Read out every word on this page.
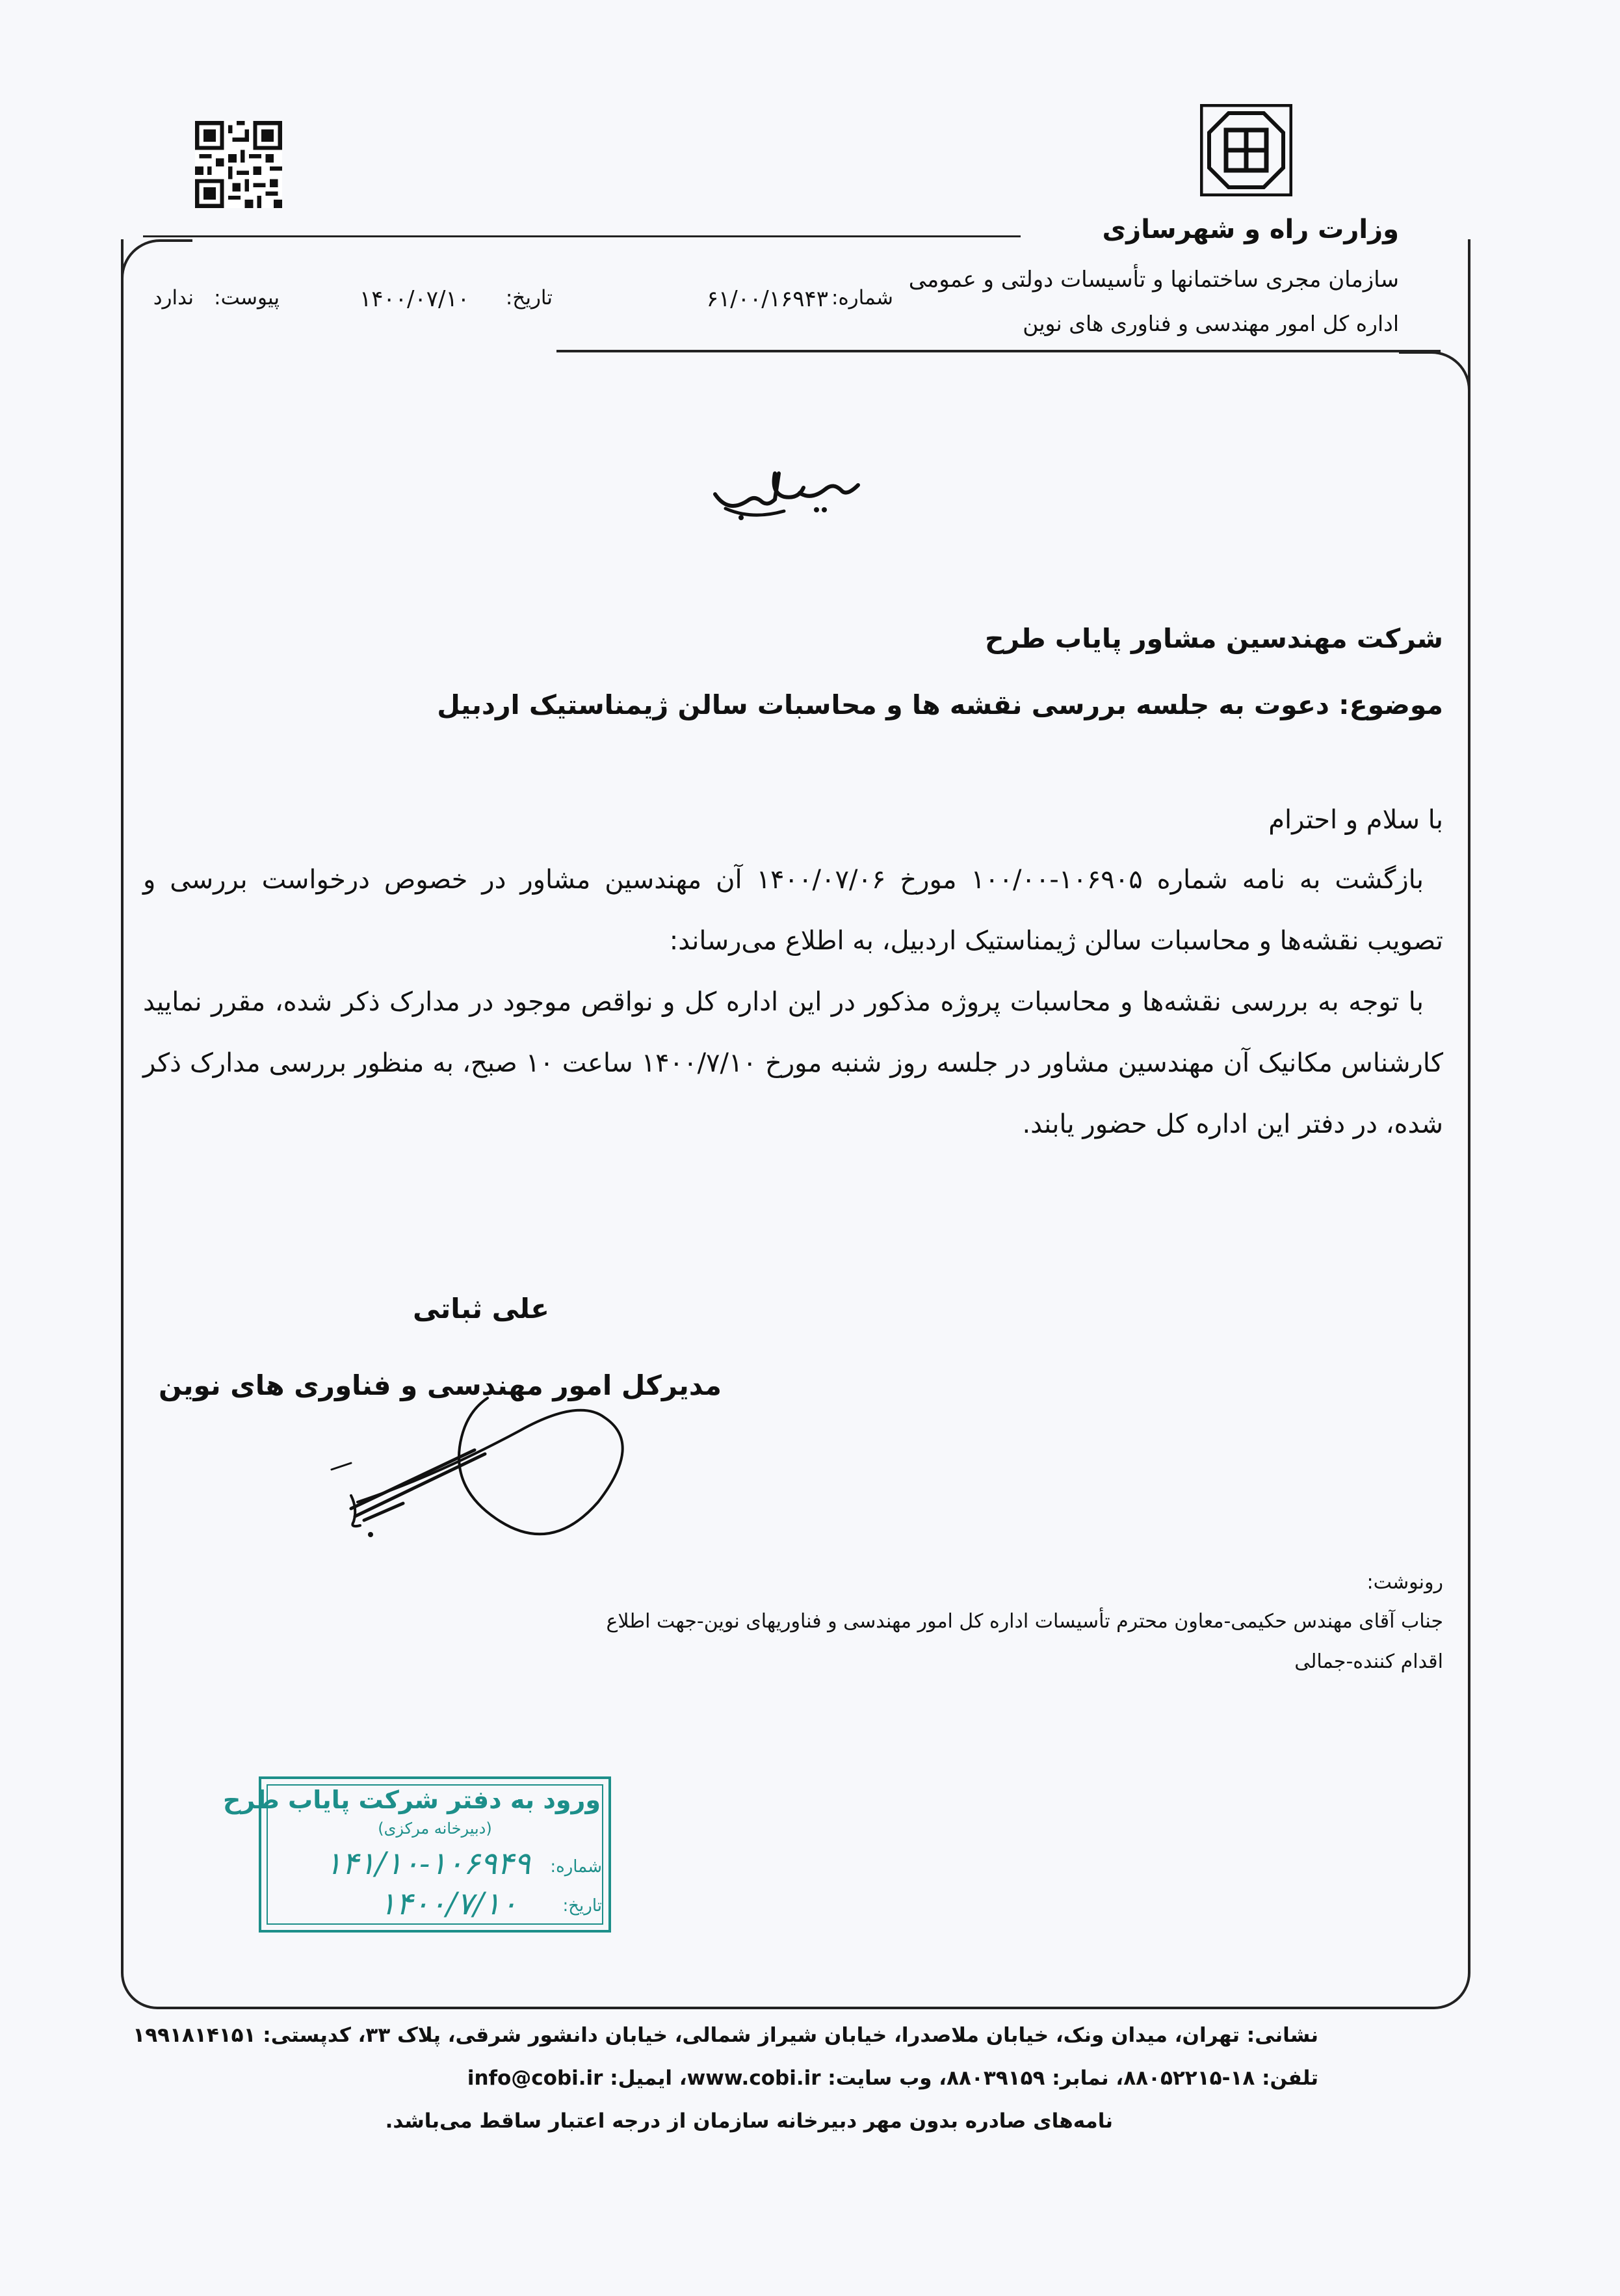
وزارت راه و شهرسازی
سازمان مجری ساختمانها و تأسیسات دولتی و عمومی
اداره کل امور مهندسی و فناوری های نوین
شماره:
۶۱/۰۰/۱۶۹۴۳
تاریخ:
۱۴۰۰/۰۷/۱۰
پیوست:
ندارد
شرکت مهندسین مشاور پایاب طرح
موضوع: دعوت به جلسه بررسی نقشه ها و محاسبات سالن ژیمناستیک اردبیل
با سلام و احترام
بازگشت به نامه شماره ۱۰۶۹۰۵-۱۰۰/۰۰ مورخ ۱۴۰۰/۰۷/۰۶ آن مهندسین مشاور در خصوص درخواست بررسی و
تصویب نقشه‌ها و محاسبات سالن ژیمناستیک اردبیل، به اطلاع می‌رساند:
با توجه به بررسی نقشه‌ها و محاسبات پروژه مذکور در این اداره کل و نواقص موجود در مدارک ذکر شده، مقرر نمایید
کارشناس مکانیک آن مهندسین مشاور در جلسه روز شنبه مورخ ۱۴۰۰/۷/۱۰ ساعت ۱۰ صبح، به منظور بررسی مدارک ذکر
شده، در دفتر این اداره کل حضور یابند.
علی ثباتی
مدیرکل امور مهندسی و فناوری های نوین
رونوشت:
جناب آقای مهندس حکیمی-معاون محترم تأسیسات اداره کل امور مهندسی و فناوریهای نوین-جهت اطلاع
اقدام کننده-جمالی
ورود به دفتر شرکت پایاب طرح
(دبیرخانه مرکزی)
شماره:
۱۴۱/۱۰-۱۰۶۹۴۹
تاریخ:
۱۴۰۰/۷/۱۰
نشانی: تهران، میدان ونک، خیابان ملاصدرا، خیابان شیراز شمالی، خیابان دانشور شرقی، پلاک ۳۳، کدپستی: ۱۹۹۱۸۱۴۱۵۱
تلفن: ۱۸-۸۸۰۵۲۲۱۵، نمابر: ۸۸۰۳۹۱۵۹، وب سایت: www.cobi.ir، ایمیل: info@cobi.ir
نامه‌های صادره بدون مهر دبیرخانه سازمان از درجه اعتبار ساقط می‌باشد.
